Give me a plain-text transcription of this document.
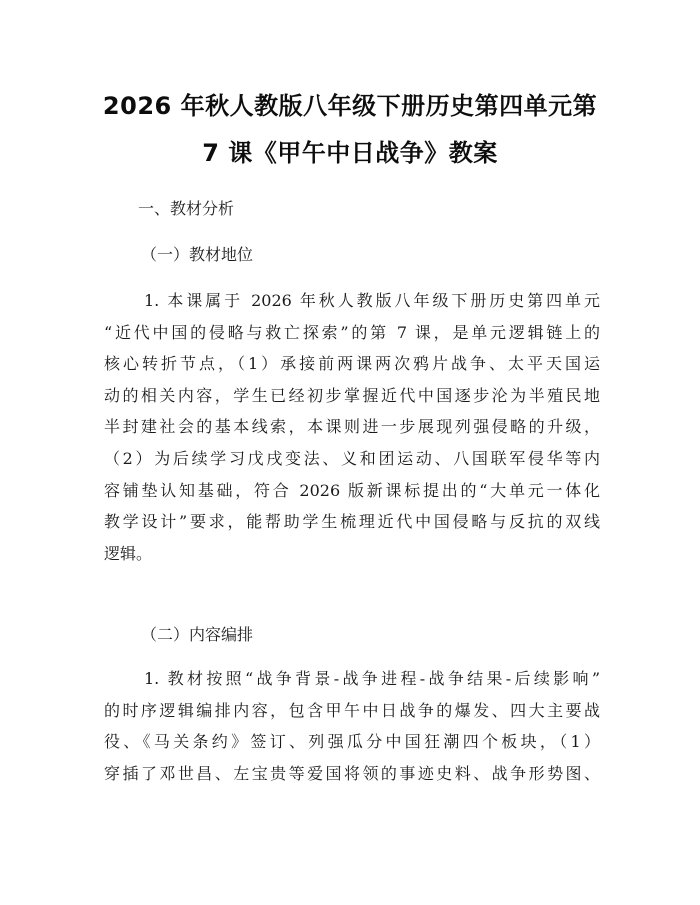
2026 年秋人教版八年级下册历史第四单元第
7 课《甲午中日战争》教案
一、教材分析
（一）教材地位
1. 本课属于 2026 年秋人教版八年级下册历史第四单元
“近代中国的侵略与救亡探索”的第 7 课，是单元逻辑链上的
核心转折节点，（1）承接前两课两次鸦片战争、太平天国运
动的相关内容，学生已经初步掌握近代中国逐步沦为半殖民地
半封建社会的基本线索，本课则进一步展现列强侵略的升级，
（2）为后续学习戊戌变法、义和团运动、八国联军侵华等内
容铺垫认知基础，符合 2026 版新课标提出的“大单元一体化
教学设计”要求，能帮助学生梳理近代中国侵略与反抗的双线
逻辑。
（二）内容编排
1. 教材按照“战争背景-战争进程-战争结果-后续影响”
的时序逻辑编排内容，包含甲午中日战争的爆发、四大主要战
役、《马关条约》签订、列强瓜分中国狂潮四个板块，（1）
穿插了邓世昌、左宝贵等爱国将领的事迹史料、战争形势图、
